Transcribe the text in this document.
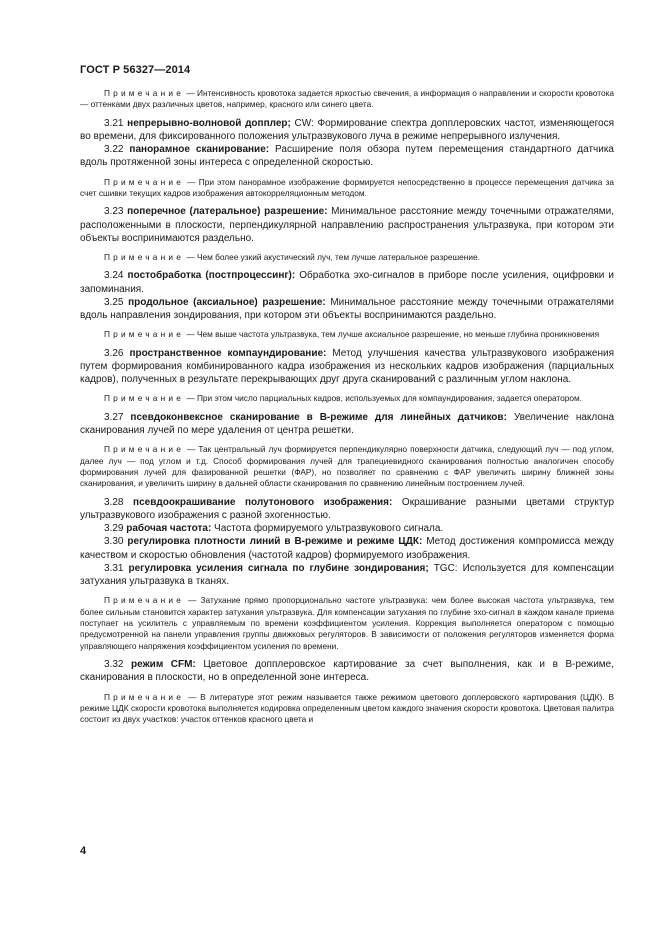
ГОСТ Р 56327—2014

Примечание — Интенсивность кровотока задается яркостью свечения, а информация о направлении и скорости кровотока — оттенками двух различных цветов, например, красного или синего цвета.

3.21 непрерывно-волновой допплер; CW: Формирование спектра допплеровских частот, изменяющегося во времени, для фиксированного положения ультразвукового луча в режиме непрерывного излучения.

3.22 панорамное сканирование: Расширение поля обзора путем перемещения стандартного датчика вдоль протяженной зоны интереса с определенной скоростью.

Примечание — При этом панорамное изображение формируется непосредственно в процессе перемещения датчика за счет сшивки текущих кадров изображения автокорреляционным методом.

3.23 поперечное (латеральное) разрешение: Минимальное расстояние между точечными отражателями, расположенными в плоскости, перпендикулярной направлению распространения ультразвука, при котором эти объекты воспринимаются раздельно.

Примечание — Чем более узкий акустический луч, тем лучше латеральное разрешение.

3.24 постобработка (постпроцессинг): Обработка эхо-сигналов в приборе после усиления, оцифровки и запоминания.

3.25 продольное (аксиальное) разрешение: Минимальное расстояние между точечными отражателями вдоль направления зондирования, при котором эти объекты воспринимаются раздельно.

Примечание — Чем выше частота ультразвука, тем лучше аксиальное разрешение, но меньше глубина проникновения

3.26 пространственное компаундирование: Метод улучшения качества ультразвукового изображения путем формирования комбинированного кадра изображения из нескольких кадров изображения (парциальных кадров), полученных в результате перекрывающих друг друга сканирований с различным углом наклона.

Примечание — При этом число парциальных кадров, используемых для компаундирования, задается оператором.

3.27 псевдоконвексное сканирование в В-режиме для линейных датчиков: Увеличение наклона сканирования лучей по мере удаления от центра решетки.

Примечание — Так центральный луч формируется перпендикулярно поверхности датчика, следующий луч — под углом, далее луч — под углом и т.д. Способ формирования лучей для трапециевидного сканирования полностью аналогичен способу формирования лучей для фазированной решетки (ФАР), но позволяет по сравнению с ФАР увеличить ширину ближней зоны сканирования, и увеличить ширину в дальней области сканирования по сравнению линейным построением лучей.

3.28 псевдоокрашивание полутонового изображения: Окрашивание разными цветами структур ультразвукового изображения с разной эхогенностью.

3.29 рабочая частота: Частота формируемого ультразвукового сигнала.

3.30 регулировка плотности линий в В-режиме и режиме ЦДК: Метод достижения компромисса между качеством и скоростью обновления (частотой кадров) формируемого изображения.

3.31 регулировка усиления сигнала по глубине зондирования; TGC: Используется для компенсации затухания ультразвука в тканях.

Примечание — Затухание прямо пропорционально частоте ультразвука: чем более высокая частота ультразвука, тем более сильным становится характер затухания ультразвука. Для компенсации затухания по глубине эхо-сигнал в каждом канале приема поступает на усилитель с управляемым по времени коэффициентом усиления. Коррекция выполняется оператором с помощью предусмотренной на панели управления группы движковых регуляторов. В зависимости от положения регуляторов изменяется форма управляющего напряжения коэффициентом усиления по времени.

3.32 режим CFM: Цветовое допплеровское картирование за счет выполнения, как и в В-режиме, сканирования в плоскости, но в определенной зоне интереса.

Примечание — В литературе этот режим называется также режимом цветового доплеровского картирования (ЦДК). В режиме ЦДК скорости кровотока выполняется кодировка определенным цветом каждого значения скорости кровотока. Цветовая палитра состоит из двух участков: участок оттенков красного цвета и

4
